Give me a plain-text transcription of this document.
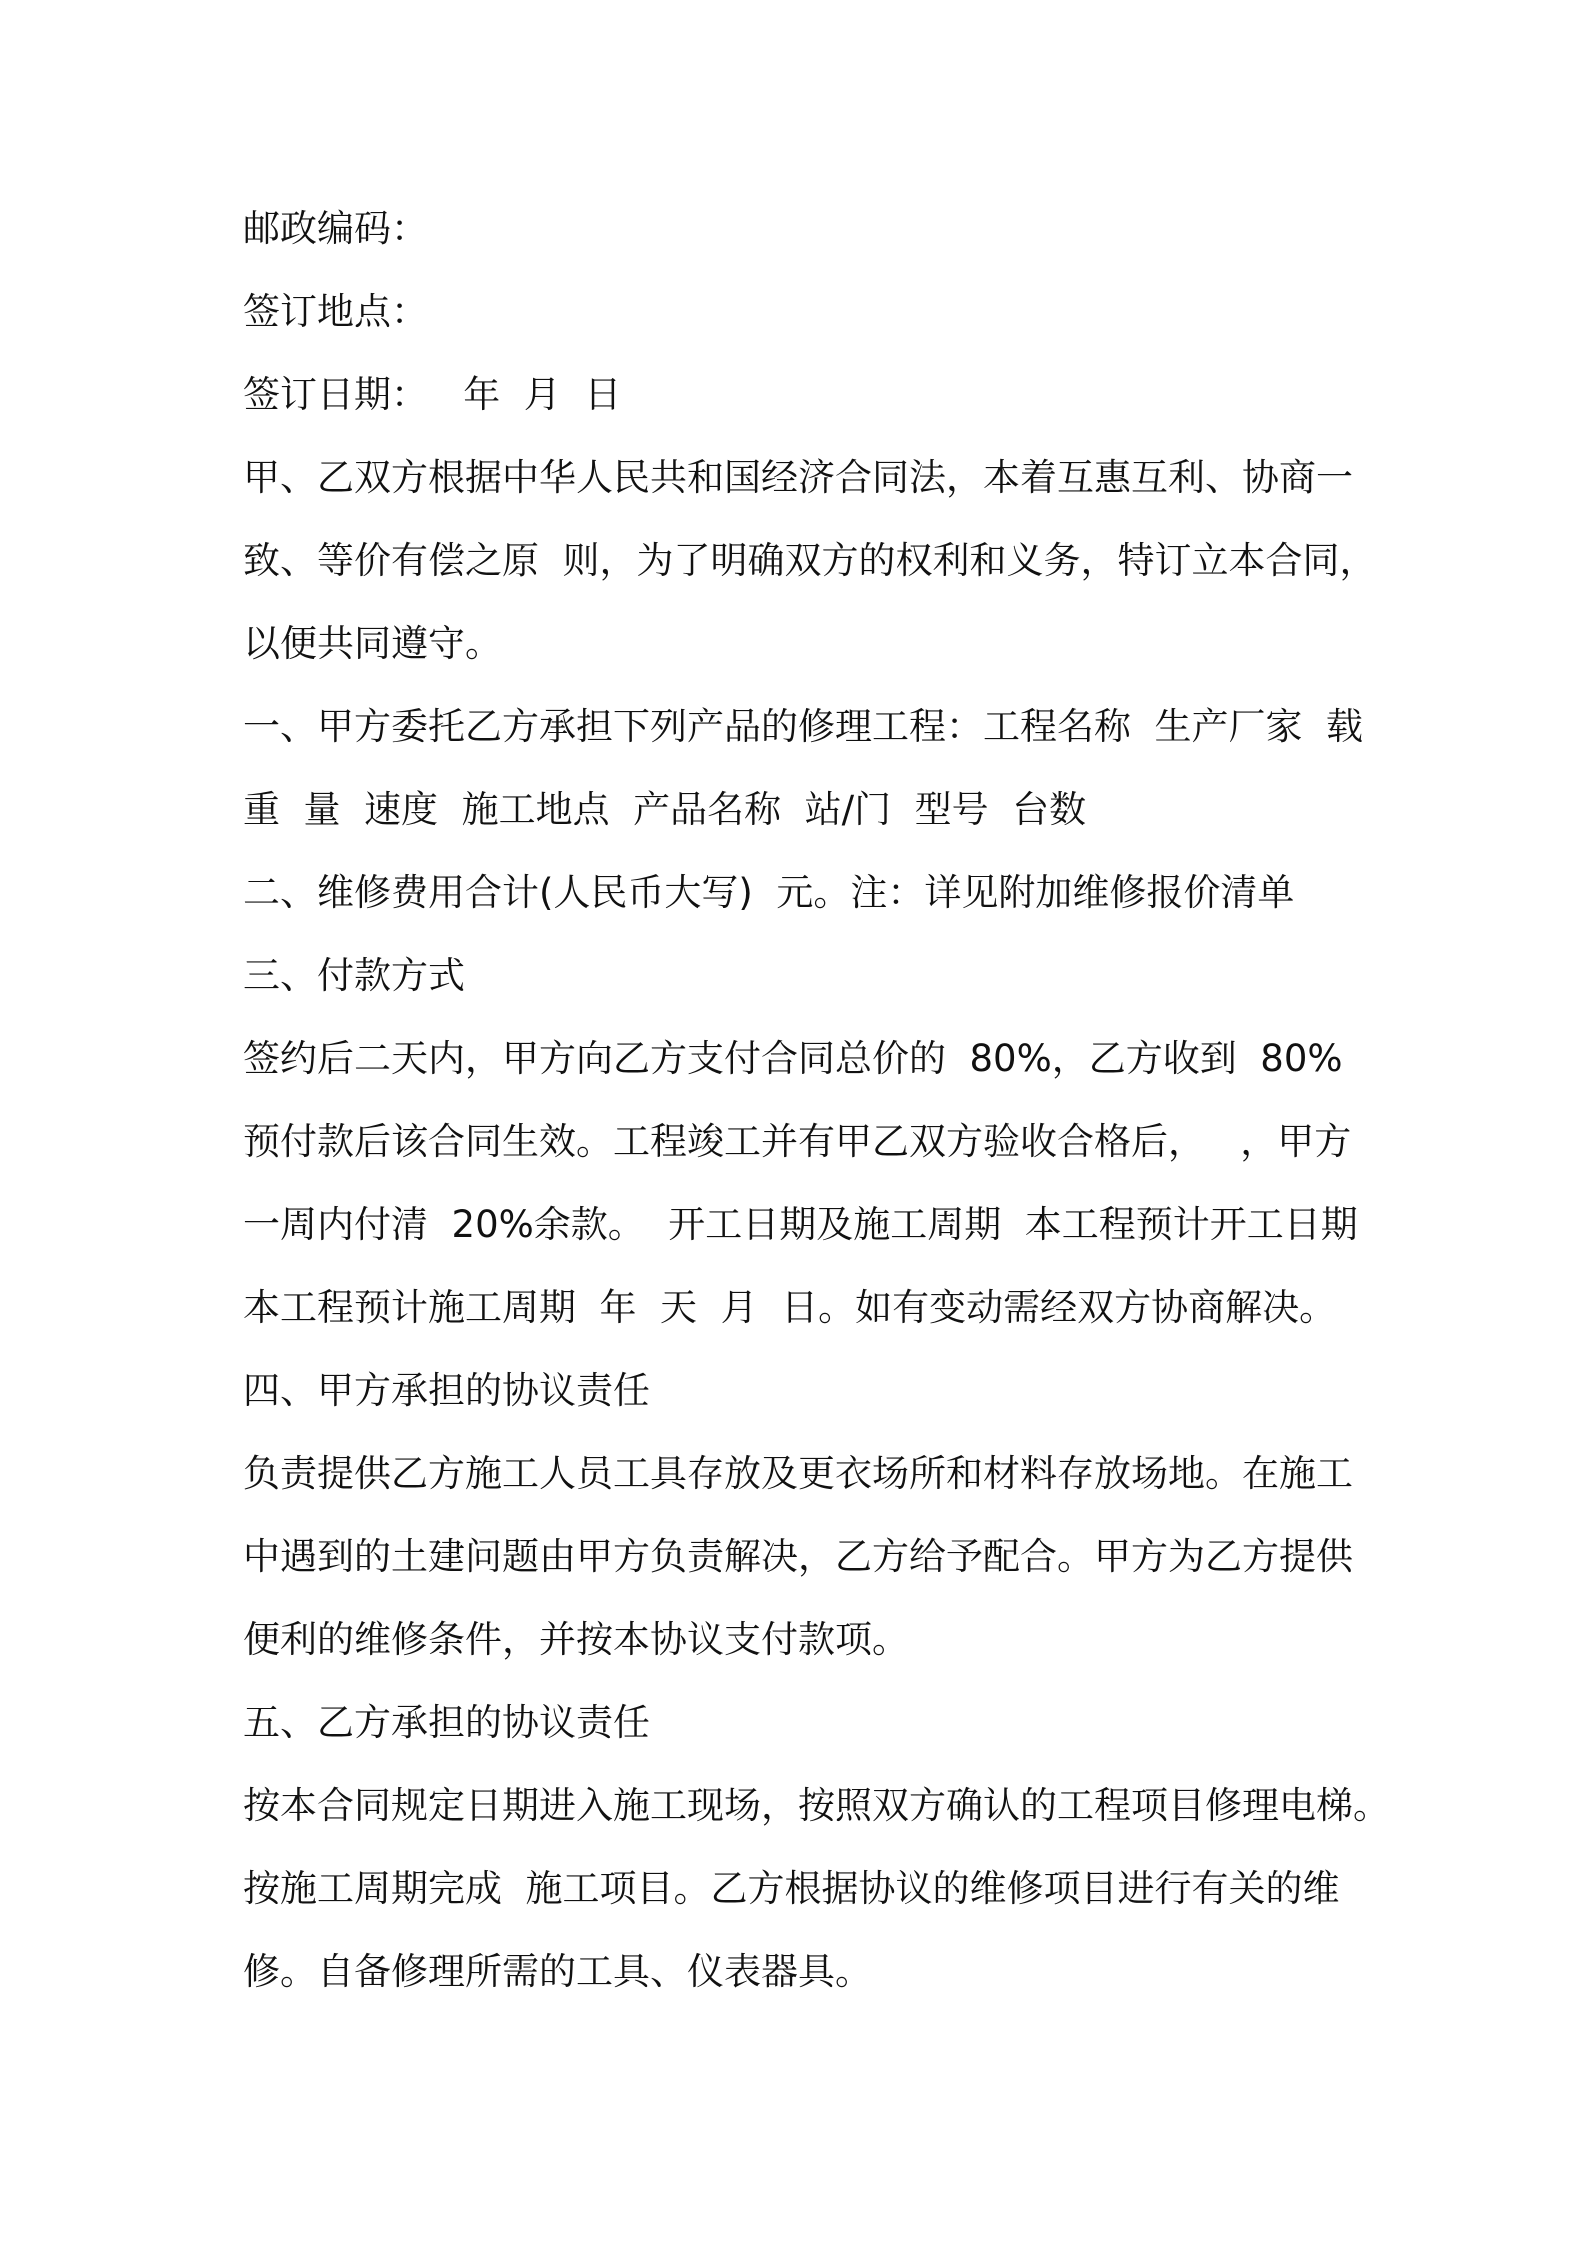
邮政编码：

签订地点：

签订日期：   年  月  日

甲、乙双方根据中华人民共和国经济合同法，本着互惠互利、协商一

致、等价有偿之原  则，为了明确双方的权利和义务，特订立本合同，

以便共同遵守。

一、甲方委托乙方承担下列产品的修理工程：工程名称  生产厂家  载

重  量  速度  施工地点  产品名称  站/门  型号  台数

二、维修费用合计(人民币大写)  元。注：详见附加维修报价清单

三、付款方式

签约后二天内，甲方向乙方支付合同总价的  80%，乙方收到  80%

预付款后该合同生效。工程竣工并有甲乙双方验收合格后，   ，甲方

一周内付清  20%余款。  开工日期及施工周期  本工程预计开工日期

本工程预计施工周期  年  天  月  日。如有变动需经双方协商解决。

四、甲方承担的协议责任

负责提供乙方施工人员工具存放及更衣场所和材料存放场地。在施工

中遇到的土建问题由甲方负责解决，乙方给予配合。甲方为乙方提供

便利的维修条件，并按本协议支付款项。

五、乙方承担的协议责任

按本合同规定日期进入施工现场，按照双方确认的工程项目修理电梯。

按施工周期完成  施工项目。乙方根据协议的维修项目进行有关的维

修。自备修理所需的工具、仪表器具。
